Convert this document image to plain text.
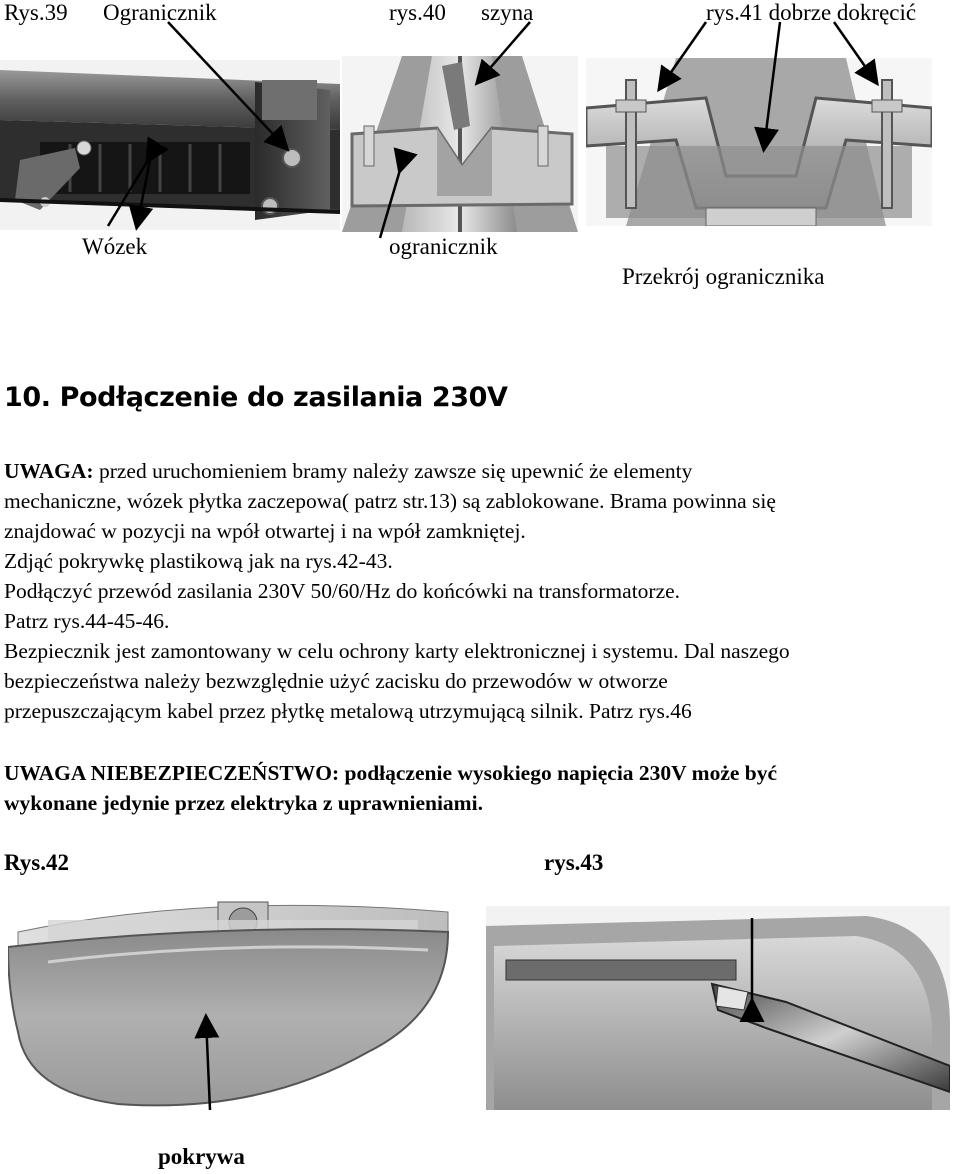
Rys.39 Ogranicznik	rys.40 szyna	rys.41 dobrze dokręcić
Wózek	ogranicznik
Przekrój ogranicznika
10. Podłączenie do zasilania 230V
UWAGA: przed uruchomieniem bramy należy zawsze się upewnić że elementy
mechaniczne, wózek płytka zaczepowa( patrz str.13) są zablokowane. Brama powinna się
znajdować w pozycji na wpół otwartej i na wpół zamkniętej.
Zdjąć pokrywkę plastikową jak na rys.42-43.
Podłączyć przewód zasilania 230V 50/60/Hz do końcówki na transformatorze.
Patrz rys.44-45-46.
Bezpiecznik jest zamontowany w celu ochrony karty elektronicznej i systemu. Dal naszego
bezpieczeństwa należy bezwzględnie użyć zacisku do przewodów w otworze
przepuszczającym kabel przez płytkę metalową utrzymującą silnik. Patrz rys.46
UWAGA NIEBEZPIECZEŃSTWO: podłączenie wysokiego napięcia 230V może być
wykonane jedynie przez elektryka z uprawnieniami.
Rys.42	rys.43
pokrywa
